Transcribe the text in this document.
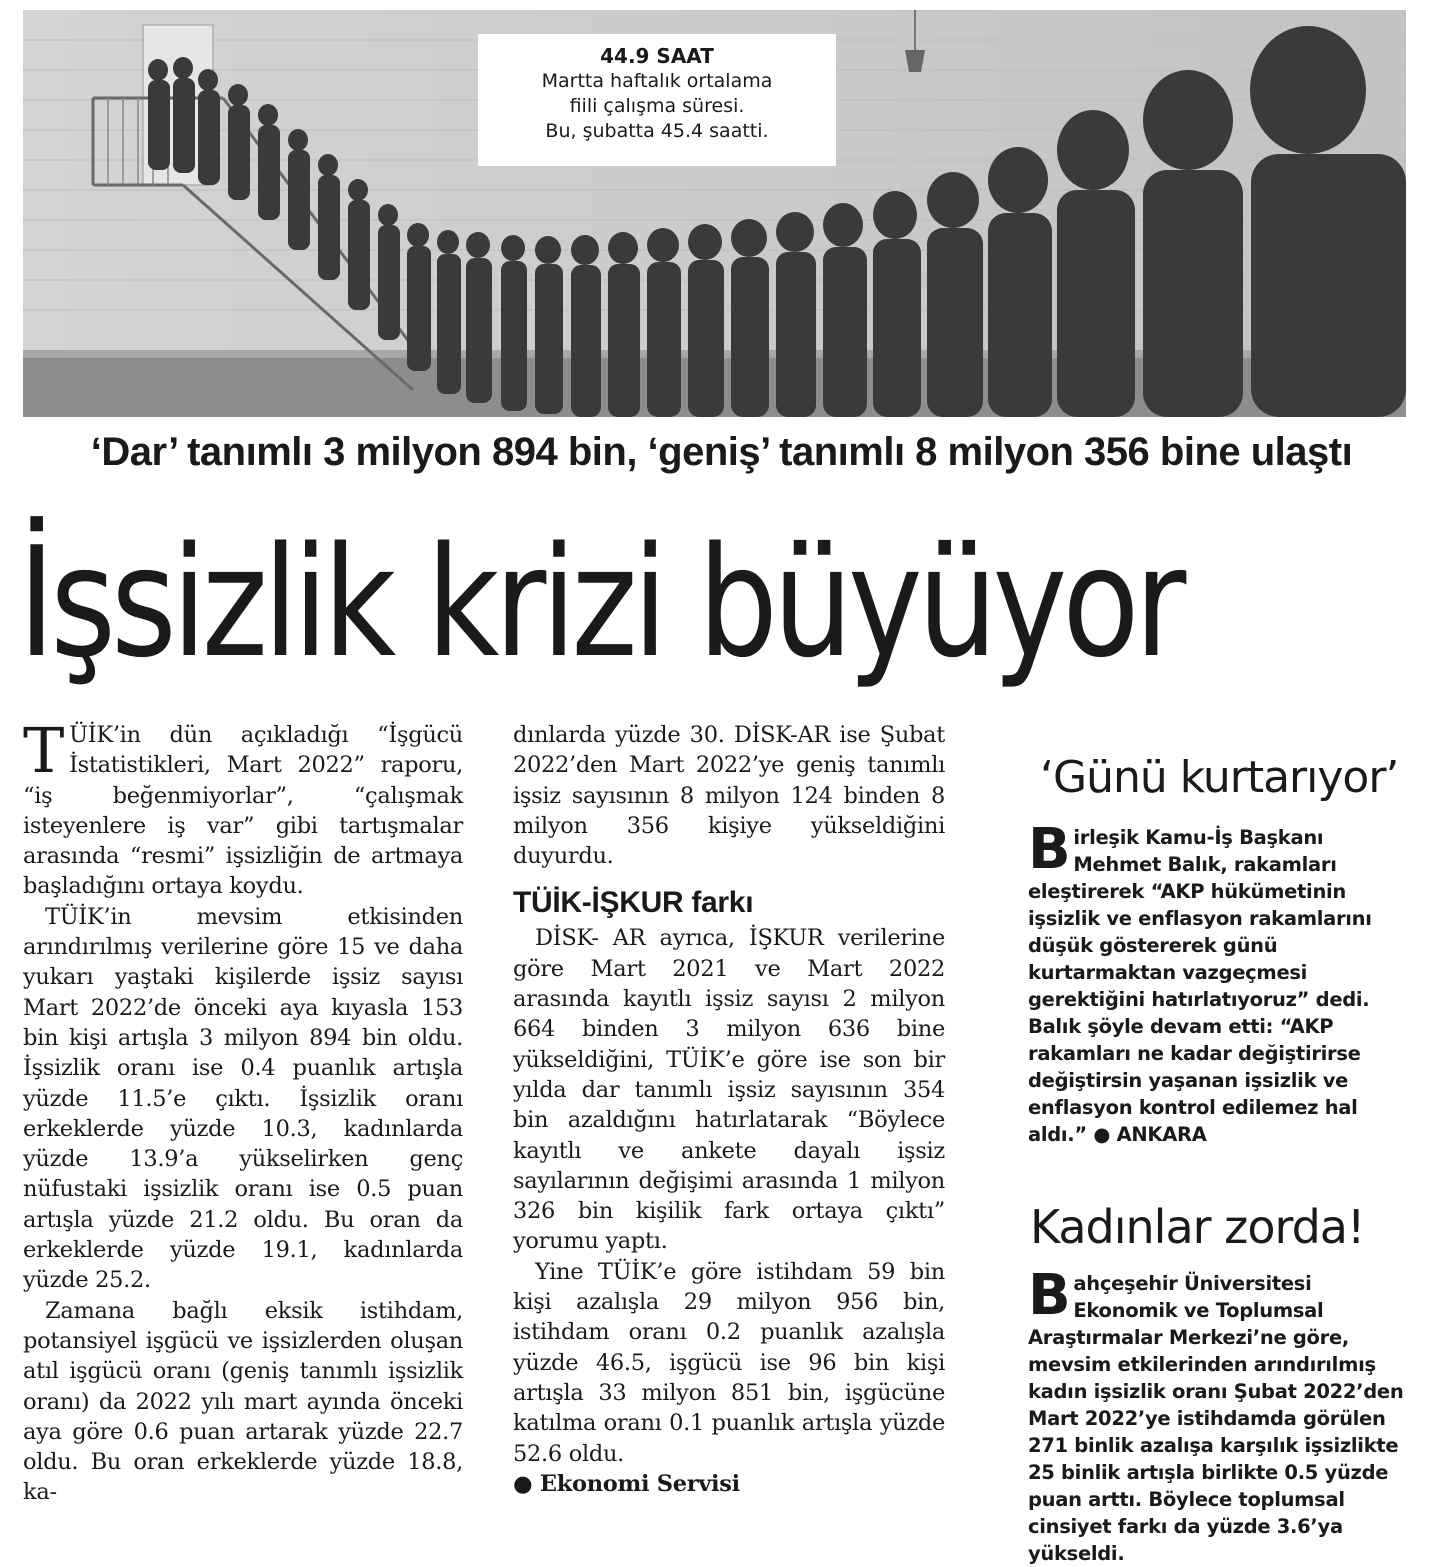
44.9 SAAT
Martta haftalık ortalama
fiili çalışma süresi.
Bu, şubatta 45.4 saatti.
‘Dar’ tanımlı 3 milyon 894 bin, ‘geniş’ tanımlı 8 milyon 356 bine ulaştı
İşsizlik krizi büyüyor

TÜİK’in dün açıkladığı “İşgücü İstatistikleri, Mart 2022” raporu, “iş beğenmiyorlar”, “çalışmak isteyenlere iş var” gibi tartışmalar arasında “resmi” işsizliğin de artmaya başladığını ortaya koydu.

TÜİK’in mevsim etkisinden arındırılmış verilerine göre 15 ve daha yukarı yaştaki kişilerde işsiz sayısı Mart 2022’de önceki aya kıyasla 153 bin kişi artışla 3 milyon 894 bin oldu. İşsizlik oranı ise 0.4 puanlık artışla yüzde 11.5’e çıktı. İşsizlik oranı erkeklerde yüzde 10.3, kadınlarda yüzde 13.9’a yükselirken genç nüfustaki işsizlik oranı ise 0.5 puan artışla yüzde 21.2 oldu. Bu oran da erkeklerde yüzde 19.1, kadınlarda yüzde 25.2.

Zamana bağlı eksik istihdam, potansiyel işgücü ve işsizlerden oluşan atıl işgücü oranı (geniş tanımlı işsizlik oranı) da 2022 yılı mart ayında önceki aya göre 0.6 puan artarak yüzde 22.7 oldu. Bu oran erkeklerde yüzde 18.8, ka-

dınlarda yüzde 30. DİSK-AR ise Şubat 2022’den Mart 2022’ye geniş tanımlı işsiz sayısının 8 milyon 124 binden 8 milyon 356 kişiye yükseldiğini duyurdu.

TÜİK-İŞKUR farkı

DİSK- AR ayrıca, İŞKUR verilerine göre Mart 2021 ve Mart 2022 arasında kayıtlı işsiz sayısı 2 milyon 664 binden 3 milyon 636 bine yükseldiğini, TÜİK’e göre ise son bir yılda dar tanımlı işsiz sayısının 354 bin azaldığını hatırlatarak “Böylece kayıtlı ve ankete dayalı işsiz sayılarının değişimi arasında 1 milyon 326 bin kişilik fark ortaya çıktı” yorumu yaptı.

Yine TÜİK’e göre istihdam 59 bin kişi azalışla 29 milyon 956 bin, istihdam oranı 0.2 puanlık azalışla yüzde 46.5, işgücü ise 96 bin kişi artışla 33 milyon 851 bin, işgücüne katılma oranı 0.1 puanlık artışla yüzde 52.6 oldu.

● Ekonomi Servisi

‘Günü kurtarıyor’
Birleşik Kamu-İş Başkanı Mehmet Balık, rakamları eleştirerek “AKP hükümetinin işsizlik ve enflasyon rakamlarını düşük göstererek günü kurtarmaktan vazgeçmesi gerektiğini hatırlatıyoruz” dedi. Balık şöyle devam etti: “AKP rakamları ne kadar değiştirirse değiştirsin yaşanan işsizlik ve enflasyon kontrol edilemez hal aldı.” ● ANKARA
Kadınlar zorda!
Bahçeşehir Üniversitesi Ekonomik ve Toplumsal Araştırmalar Merkezi’ne göre, mevsim etkilerinden arındırılmış kadın işsizlik oranı Şubat 2022’den Mart 2022’ye istihdamda görülen 271 binlik azalışa karşılık işsizlikte 25 binlik artışla birlikte 0.5 yüzde puan arttı. Böylece toplumsal cinsiyet farkı da yüzde 3.6’ya yükseldi.
